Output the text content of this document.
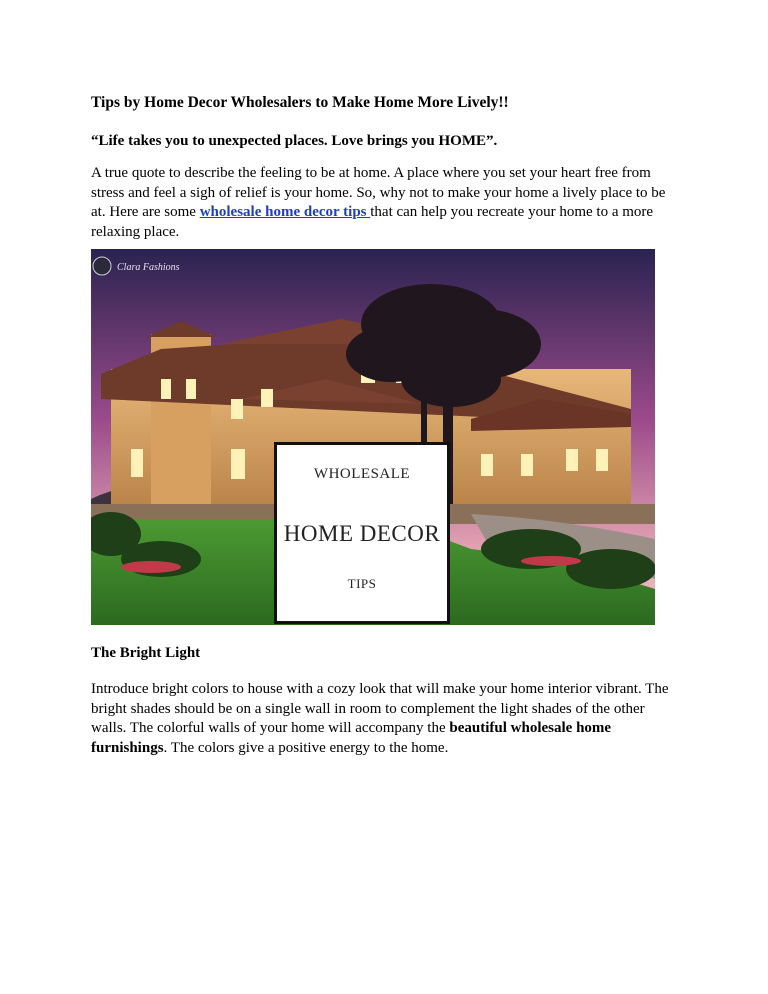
Tips by Home Decor Wholesalers to Make Home More Lively!!
“Life takes you to unexpected places. Love brings you HOME”.
A true quote to describe the feeling to be at home. A place where you set your heart free from stress and feel a sigh of relief is your home. So, why not to make your home a lively place to be at. Here are some wholesale home decor tips that can help you recreate your home to a more relaxing place.
Clara Fashions
WHOLESALE
HOME DECOR
TIPS
The Bright Light
Introduce bright colors to house with a cozy look that will make your home interior vibrant. The bright shades should be on a single wall in room to complement the light shades of the other walls. The colorful walls of your home will accompany the beautiful wholesale home furnishings. The colors give a positive energy to the home.
